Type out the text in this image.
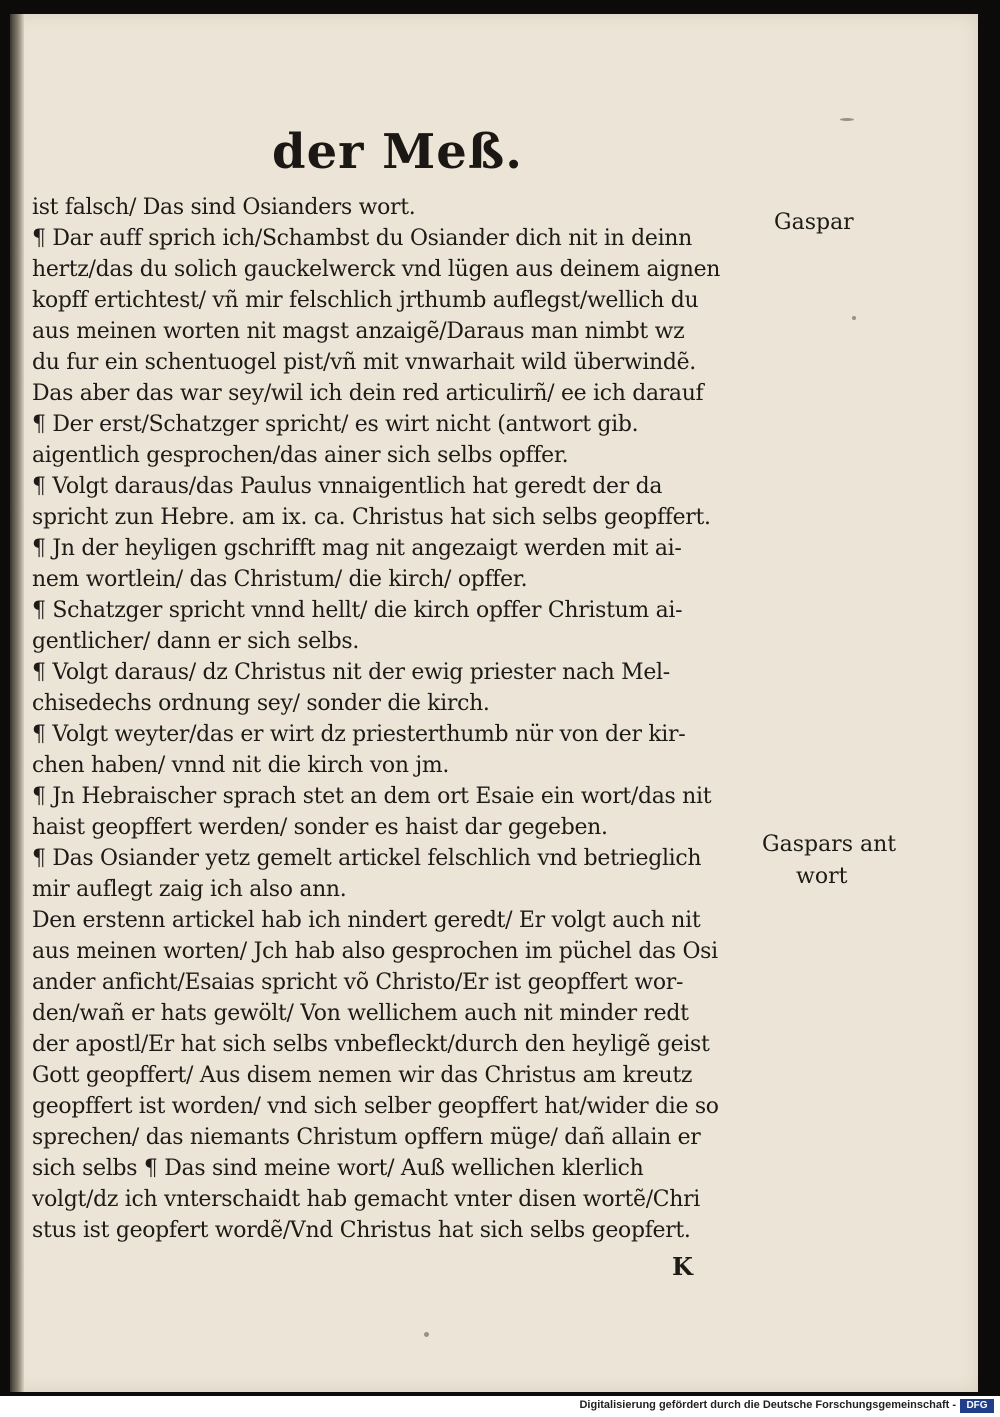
der Meß.
ist falsch/ Das sind Osianders wort.
¶ Dar auff sprich ich/Schambst du Osiander dich nit in deinn
hertz/das du solich gauckelwerck vnd lügen aus deinem aignen
kopff ertichtest/ vñ mir felschlich jrthumb auflegst/wellich du
aus meinen worten nit magst anzaigẽ/Daraus man nimbt wz
du fur ein schentuogel pist/vñ mit vnwarhait wild überwindẽ.
Das aber das war sey/wil ich dein red articulirñ/ ee ich darauf
¶ Der erst/Schatzger spricht/ es wirt nicht (antwort gib.
aigentlich gesprochen/das ainer sich selbs opffer.
¶ Volgt daraus/das Paulus vnnaigentlich hat geredt der da
spricht zun Hebre. am ix. ca. Christus hat sich selbs geopffert.
¶ Jn der heyligen gschrifft mag nit angezaigt werden mit ai-
nem wortlein/ das Christum/ die kirch/ opffer.
¶ Schatzger spricht vnnd hellt/ die kirch opffer Christum ai-
gentlicher/ dann er sich selbs.
¶ Volgt daraus/ dz Christus nit der ewig priester nach Mel-
chisedechs ordnung sey/ sonder die kirch.
¶ Volgt weyter/das er wirt dz priesterthumb nür von der kir-
chen haben/ vnnd nit die kirch von jm.
¶ Jn Hebraischer sprach stet an dem ort Esaie ein wort/das nit
haist geopffert werden/ sonder es haist dar gegeben.
¶ Das Osiander yetz gemelt artickel felschlich vnd betrieglich
mir auflegt zaig ich also ann.
Den erstenn artickel hab ich nindert geredt/ Er volgt auch nit
aus meinen worten/ Jch hab also gesprochen im püchel das Osi
ander anficht/Esaias spricht võ Christo/Er ist geopffert wor-
den/wañ er hats gewölt/ Von wellichem auch nit minder redt
der apostl/Er hat sich selbs vnbefleckt/durch den heyligẽ geist
Gott geopffert/ Aus disem nemen wir das Christus am kreutz
geopffert ist worden/ vnd sich selber geopffert hat/wider die so
sprechen/ das niemants Christum opffern müge/ dañ allain er
sich selbs ¶ Das sind meine wort/ Auß wellichen klerlich
volgt/dz ich vnterschaidt hab gemacht vnter disen wortẽ/Chri
stus ist geopfert wordẽ/Vnd Christus hat sich selbs geopfert.
Gaspar
Gaspars ant
wort
K
Digitalisierung gefördert durch die Deutsche Forschungsgemeinschaft -	DFG
